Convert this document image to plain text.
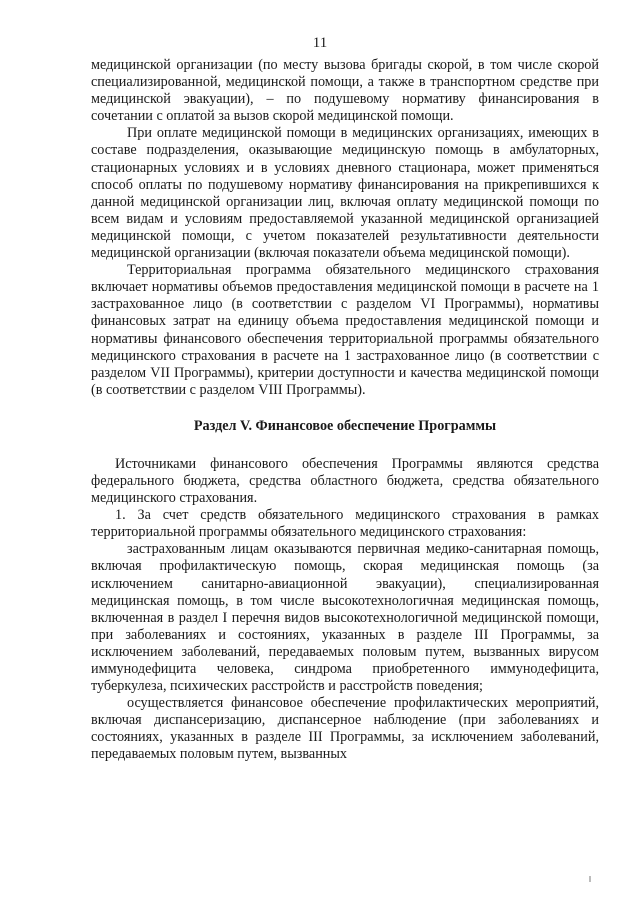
11

медицинской организации (по месту вызова бригады скорой, в том числе скорой специализированной, медицинской помощи, а также в транспортном средстве при медицинской эвакуации), – по подушевому нормативу финансирования в сочетании с оплатой за вызов скорой медицинской помощи.

При оплате медицинской помощи в медицинских организациях, имеющих в составе подразделения, оказывающие медицинскую помощь в амбулаторных, стационарных условиях и в условиях дневного стационара, может применяться способ оплаты по подушевому нормативу финансирования на прикрепившихся к данной медицинской организации лиц, включая оплату медицинской помощи по всем видам и условиям предоставляемой указанной медицинской организацией медицинской помощи, с учетом показателей результативности деятельности медицинской организации (включая показатели объема медицинской помощи).

Территориальная программа обязательного медицинского страхования включает нормативы объемов предоставления медицинской помощи в расчете на 1 застрахованное лицо (в соответствии с разделом VI Программы), нормативы финансовых затрат на единицу объема предоставления медицинской помощи и нормативы финансового обеспечения территориальной программы обязательного медицинского страхования в расчете на 1 застрахованное лицо (в соответствии с разделом VII Программы), критерии доступности и качества медицинской помощи (в соответствии с разделом VIII Программы).

Раздел V. Финансовое обеспечение Программы

Источниками финансового обеспечения Программы являются средства федерального бюджета, средства областного бюджета, средства обязательного медицинского страхования.

1. За счет средств обязательного медицинского страхования в рамках территориальной программы обязательного медицинского страхования:

застрахованным лицам оказываются первичная медико-санитарная помощь, включая профилактическую помощь, скорая медицинская помощь (за исключением санитарно-авиационной эвакуации), специализированная медицинская помощь, в том числе высокотехнологичная медицинская помощь, включенная в раздел I перечня видов высокотехнологичной медицинской помощи, при заболеваниях и состояниях, указанных в разделе III Программы, за исключением заболеваний, передаваемых половым путем, вызванных вирусом иммунодефицита человека, синдрома приобретенного иммунодефицита, туберкулеза, психических расстройств и расстройств поведения;

осуществляется финансовое обеспечение профилактических мероприятий, включая диспансеризацию, диспансерное наблюдение (при заболеваниях и состояниях, указанных в разделе III Программы, за исключением заболеваний, передаваемых половым путем, вызванных
